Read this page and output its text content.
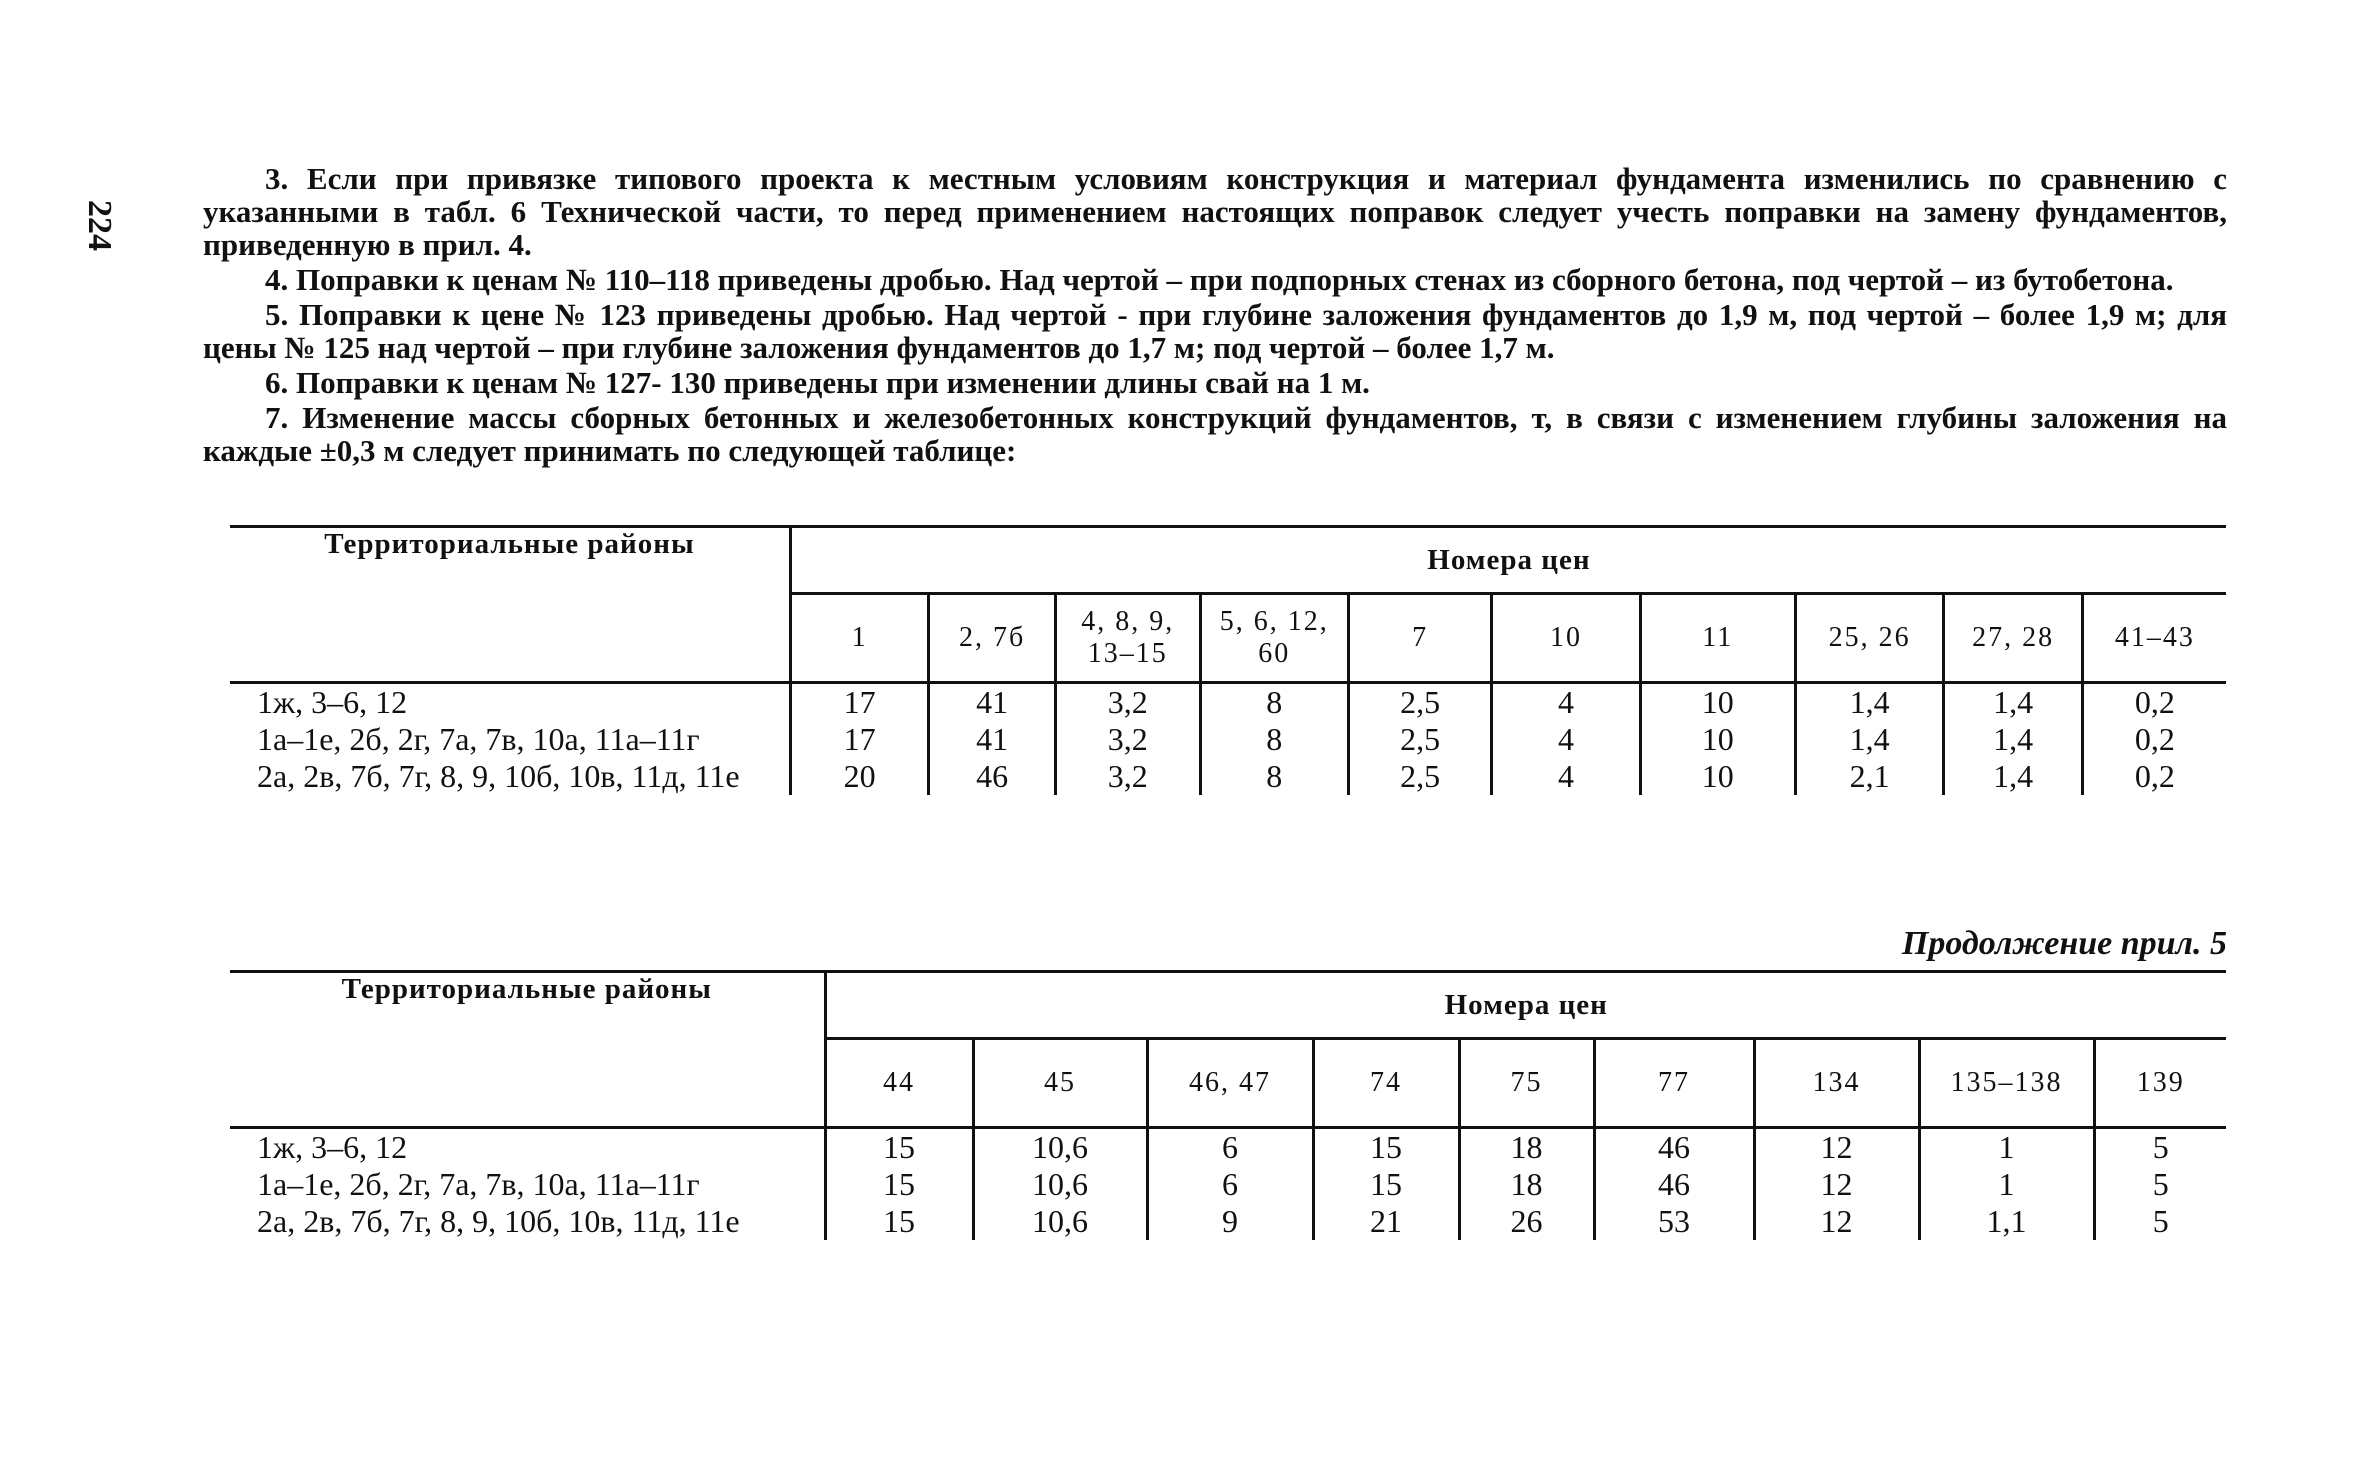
224

3. Если при привязке типового проекта к местным условиям конструкция и материал фундамента изменились по сравнению с указанными в табл. 6 Технической части, то перед применением настоящих поправок следует учесть поправки на замену фундаментов, приведенную в прил. 4.

4. Поправки к ценам № 110–118 приведены дробью. Над чертой – при подпорных стенах из сборного бетона, под чертой – из бутобетона.

5. Поправки к цене № 123 приведены дробью. Над чертой - при глубине заложения фундаментов до 1,9 м, под чертой – более 1,9 м; для цены № 125 над чертой – при глубине заложения фундаментов до 1,7 м; под чертой – более 1,7 м.

6. Поправки к ценам № 127- 130 приведены при изменении длины свай на 1 м.

7. Изменение массы сборных бетонных и железобетонных конструкций фундаментов, т, в связи с изменением глубины заложения на каждые ±0,3 м следует принимать по следующей таблице:

Территориальные районы	Номера цен									
	1	2, 7б	4, 8, 9, 13–15	5, 6, 12, 60	7	10	11	25, 26	27, 28	41–43
1ж, 3–6, 12	17	41	3,2	8	2,5	4	10	1,4	1,4	0,2
1а–1е, 2б, 2г, 7а, 7в, 10а, 11а–11г	17	41	3,2	8	2,5	4	10	1,4	1,4	0,2
2а, 2в, 7б, 7г, 8, 9, 10б, 10в, 11д, 11е	20	46	3,2	8	2,5	4	10	2,1	1,4	0,2
Продолжение прил. 5
Территориальные районы	Номера цен								
	44	45	46, 47	74	75	77	134	135–138	139
1ж, 3–6, 12	15	10,6	6	15	18	46	12	1	5
1а–1е, 2б, 2г, 7а, 7в, 10а, 11а–11г	15	10,6	6	15	18	46	12	1	5
2а, 2в, 7б, 7г, 8, 9, 10б, 10в, 11д, 11е	15	10,6	9	21	26	53	12	1,1	5
